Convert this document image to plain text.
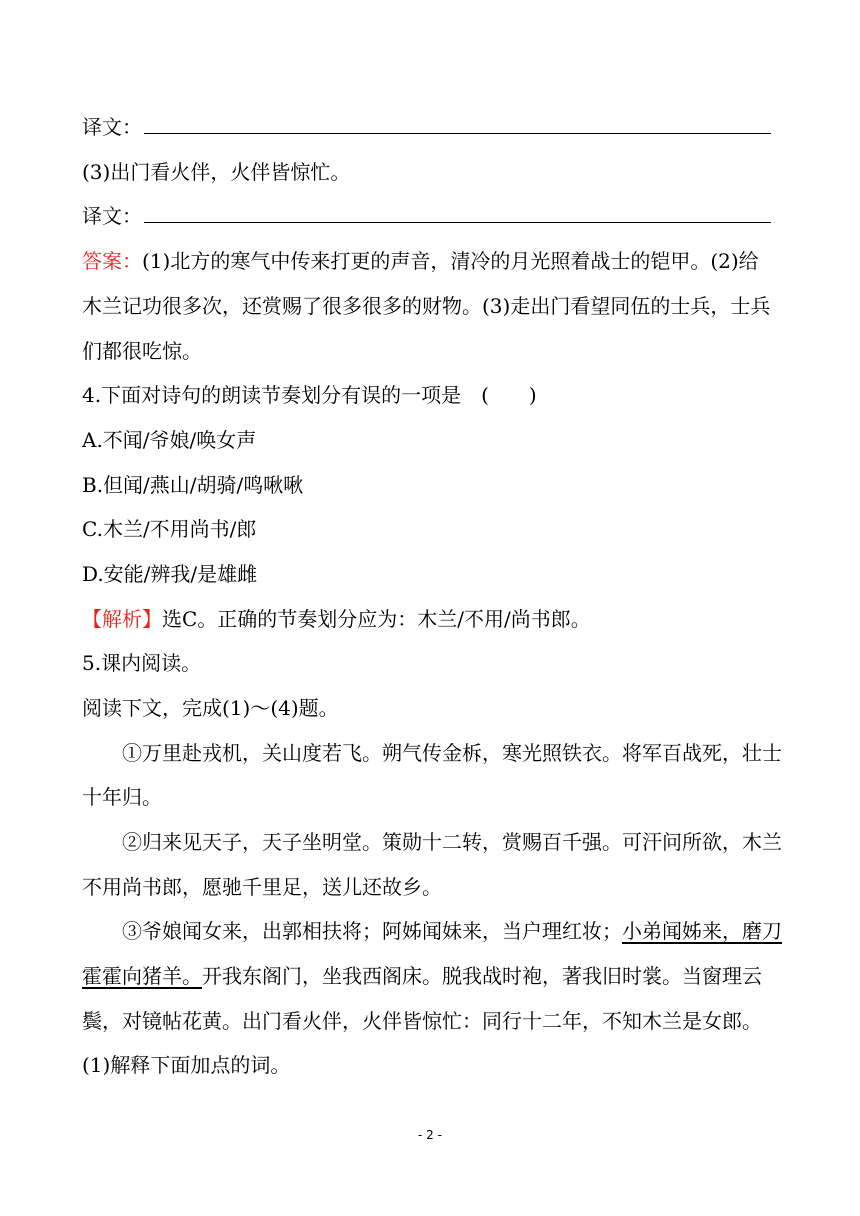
译文：
(3)出门看火伴，火伴皆惊忙。
译文：
答案：(1)北方的寒气中传来打更的声音，清冷的月光照着战士的铠甲。(2)给
木兰记功很多次，还赏赐了很多很多的财物。(3)走出门看望同伍的士兵，士兵
们都很吃惊。
4.下面对诗句的朗读节奏划分有误的一项是　(　　)
A.不闻/爷娘/唤女声
B.但闻/燕山/胡骑/鸣啾啾
C.木兰/不用尚书/郎
D.安能/辨我/是雄雌
【解析】选C。正确的节奏划分应为：木兰/不用/尚书郎。
5.课内阅读。
阅读下文，完成(1)～(4)题。
①万里赴戎机，关山度若飞。朔气传金柝，寒光照铁衣。将军百战死，壮士
十年归。
②归来见天子，天子坐明堂。策勋十二转，赏赐百千强。可汗问所欲，木兰
不用尚书郎，愿驰千里足，送儿还故乡。
③爷娘闻女来，出郭相扶将；阿姊闻妹来，当户理红妆；小弟闻姊来，磨刀
霍霍向猪羊。开我东阁门，坐我西阁床。脱我战时袍，著我旧时裳。当窗理云
鬓，对镜帖花黄。出门看火伴，火伴皆惊忙：同行十二年，不知木兰是女郎。
(1)解释下面加点的词。
- 2 -
